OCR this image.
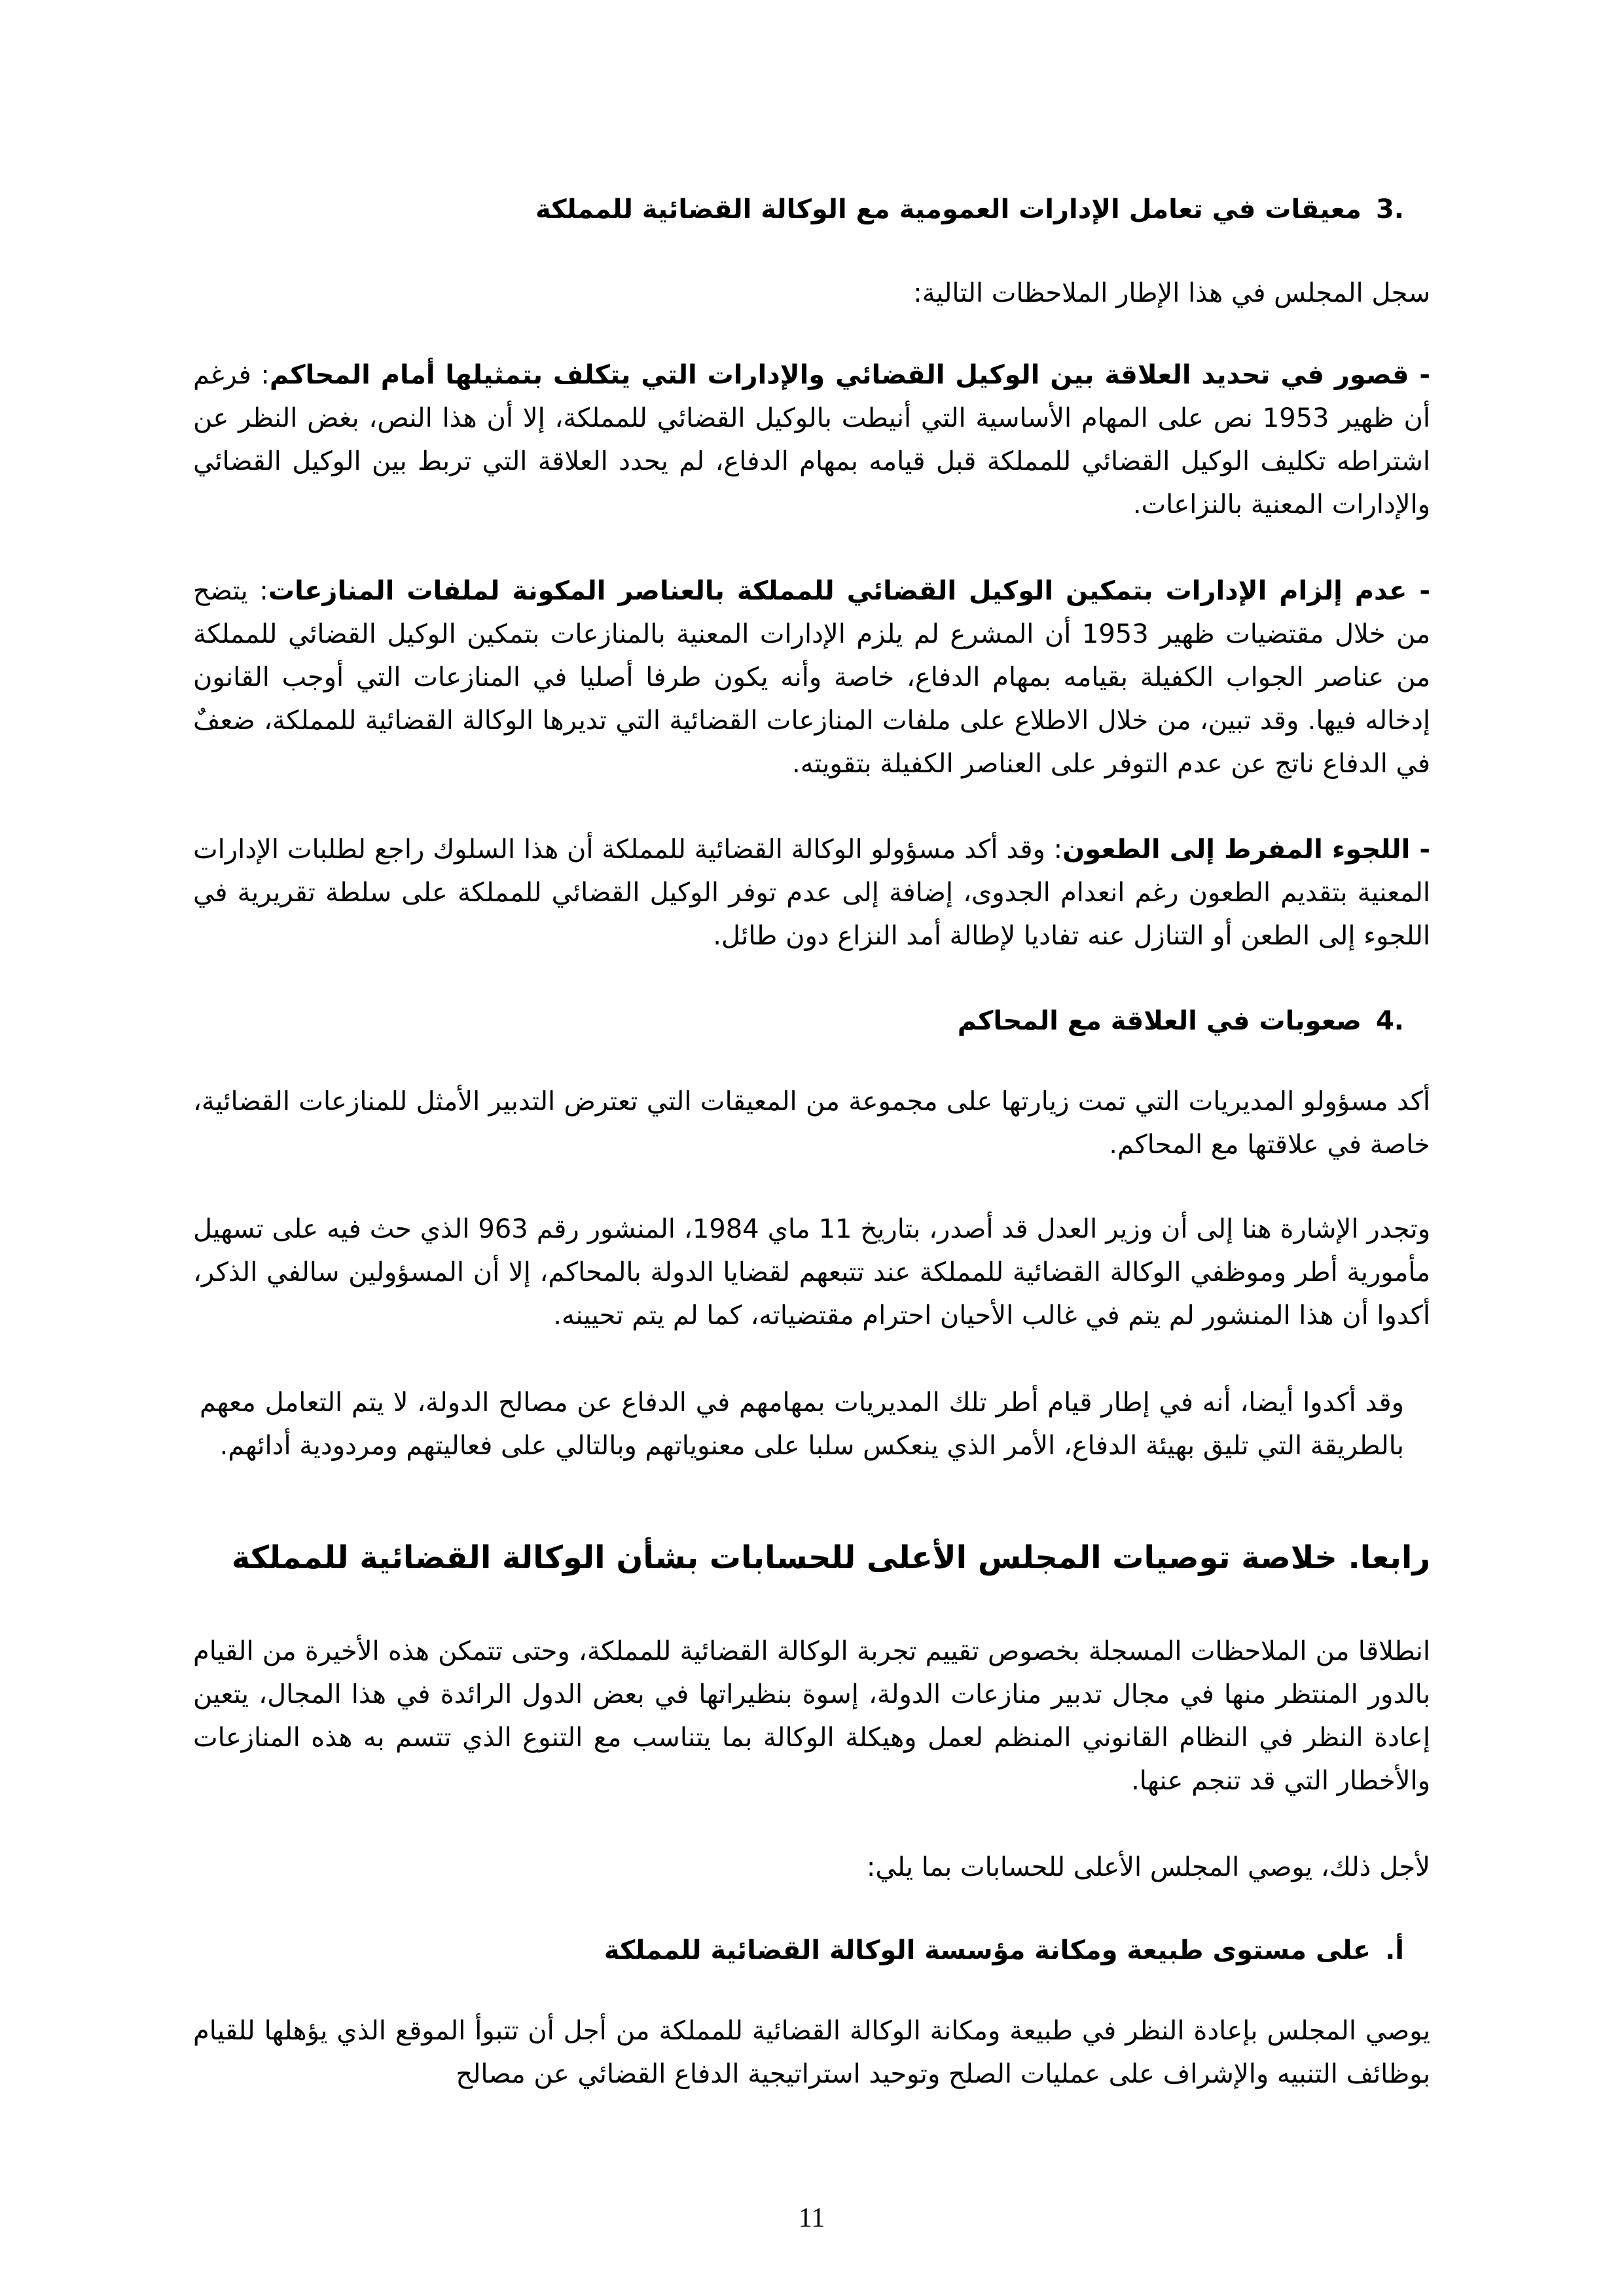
.3معيقات في تعامل الإدارات العمومية مع الوكالة القضائية للمملكة
سجل المجلس في هذا الإطار الملاحظات التالية:
- قصور في تحديد العلاقة بين الوكيل القضائي والإدارات التي يتكلف بتمثيلها أمام المحاكم: فرغم أن ظهير 1953 نص على المهام الأساسية التي أنيطت بالوكيل القضائي للمملكة، إلا أن هذا النص، بغض النظر عن اشتراطه تكليف الوكيل القضائي للمملكة قبل قيامه بمهام الدفاع، لم يحدد العلاقة التي تربط بين الوكيل القضائي والإدارات المعنية بالنزاعات.
- عدم إلزام الإدارات بتمكين الوكيل القضائي للمملكة بالعناصر المكونة لملفات المنازعات: يتضح من خلال مقتضيات ظهير 1953 أن المشرع لم يلزم الإدارات المعنية بالمنازعات بتمكين الوكيل القضائي للمملكة من عناصر الجواب الكفيلة بقيامه بمهام الدفاع، خاصة وأنه يكون طرفا أصليا في المنازعات التي أوجب القانون إدخاله فيها. وقد تبين، من خلال الاطلاع على ملفات المنازعات القضائية التي تديرها الوكالة القضائية للمملكة، ضعفٌ في الدفاع ناتج عن عدم التوفر على العناصر الكفيلة بتقويته.
- اللجوء المفرط إلى الطعون: وقد أكد مسؤولو الوكالة القضائية للمملكة أن هذا السلوك راجع لطلبات الإدارات المعنية بتقديم الطعون رغم انعدام الجدوى، إضافة إلى عدم توفر الوكيل القضائي للمملكة على سلطة تقريرية في اللجوء إلى الطعن أو التنازل عنه تفاديا لإطالة أمد النزاع دون طائل.
.4صعوبات في العلاقة مع المحاكم
أكد مسؤولو المديريات التي تمت زيارتها على مجموعة من المعيقات التي تعترض التدبير الأمثل للمنازعات القضائية، خاصة في علاقتها مع المحاكم.
وتجدر الإشارة هنا إلى أن وزير العدل قد أصدر، بتاريخ 11 ماي 1984، المنشور رقم 963 الذي حث فيه على تسهيل مأمورية أطر وموظفي الوكالة القضائية للمملكة عند تتبعهم لقضايا الدولة بالمحاكم، إلا أن المسؤولين سالفي الذكر، أكدوا أن هذا المنشور لم يتم في غالب الأحيان احترام مقتضياته، كما لم يتم تحيينه.
وقد أكدوا أيضا، أنه في إطار قيام أطر تلك المديريات بمهامهم في الدفاع عن مصالح الدولة، لا يتم التعامل معهم بالطريقة التي تليق بهيئة الدفاع، الأمر الذي ينعكس سلبا على معنوياتهم وبالتالي على فعاليتهم ومردودية أدائهم.
رابعا. خلاصة توصيات المجلس الأعلى للحسابات بشأن الوكالة القضائية للمملكة
انطلاقا من الملاحظات المسجلة بخصوص تقييم تجربة الوكالة القضائية للمملكة، وحتى تتمكن هذه الأخيرة من القيام بالدور المنتظر منها في مجال تدبير منازعات الدولة، إسوة بنظيراتها في بعض الدول الرائدة في هذا المجال، يتعين إعادة النظر في النظام القانوني المنظم لعمل وهيكلة الوكالة بما يتناسب مع التنوع الذي تتسم به هذه المنازعات والأخطار التي قد تنجم عنها.
لأجل ذلك، يوصي المجلس الأعلى للحسابات بما يلي:
أ.على مستوى طبيعة ومكانة مؤسسة الوكالة القضائية للمملكة
يوصي المجلس بإعادة النظر في طبيعة ومكانة الوكالة القضائية للمملكة من أجل أن تتبوأ الموقع الذي يؤهلها للقيام بوظائف التنبيه والإشراف على عمليات الصلح وتوحيد استراتيجية الدفاع القضائي عن مصالح
11
